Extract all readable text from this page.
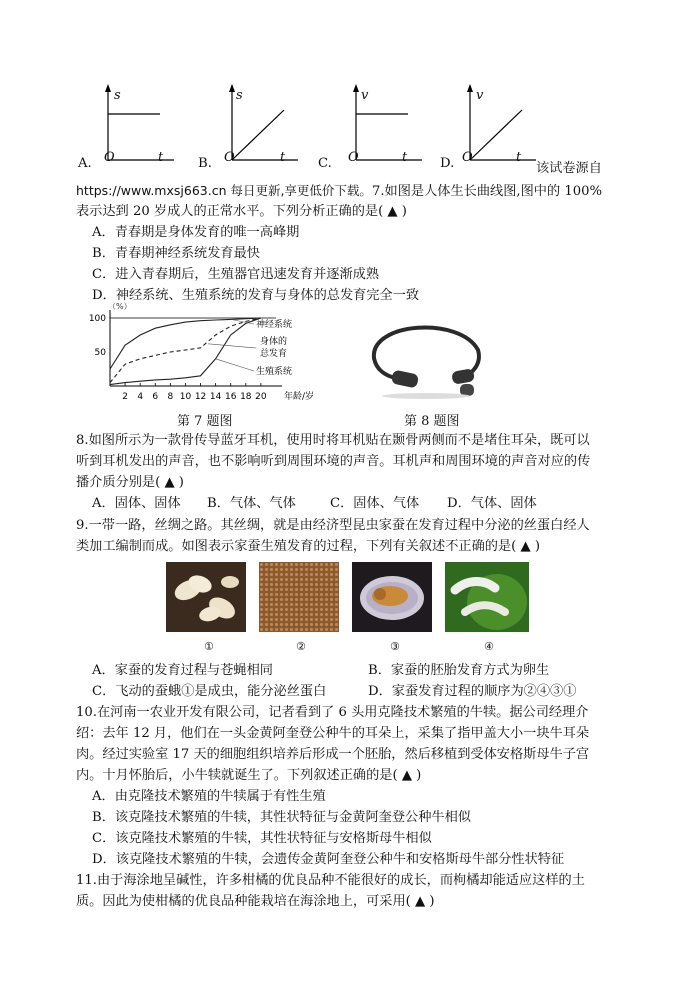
A.
s
O	t	B.
s
O	t C.
v
O	t D.
v
O	t
该试卷源自
https://www.mxsj663.cn 每日更新,享更低价下载。7.如图是人体生长曲线图,图中的 100%
表示达到 20 岁成人的正常水平。下列分析正确的是( ▲ )
A．青春期是身体发育的唯一高峰期
B．青春期神经系统发育最快
C．进入青春期后，生殖器官迅速发育并逐渐成熟
D．神经系统、生殖系统的发育与身体的总发育完全一致
（%）
50
100
2 4 6 8 10 12 14 16 18 20 年龄/岁
神经系统
身体的
总发育
生殖系统
第 7 题图	第 8 题图
8.如图所示为一款骨传导蓝牙耳机，使用时将耳机贴在颞骨两侧而不是堵住耳朵，既可以
听到耳机发出的声音，也不影响听到周围环境的声音。耳机声和周围环境的声音对应的传
播介质分别是( ▲ )
A．固体、固体 B．气体、气体	C．固体、气体 D．气体、固体
9.一带一路，丝绸之路。其丝绸，就是由经济型昆虫家蚕在发育过程中分泌的丝蛋白经人
类加工编制而成。如图表示家蚕生殖发育的过程，下列有关叙述不正确的是( ▲ )
①	②	③	④
A．家蚕的发育过程与苍蝇相同	B．家蚕的胚胎发育方式为卵生
C．飞动的蚕蛾①是成虫，能分泌丝蛋白	D．家蚕发育过程的顺序为②④③①
10.在河南一农业开发有限公司，记者看到了 6 头用克隆技术繁殖的牛犊。据公司经理介
绍：去年 12 月，他们在一头金黄阿奎登公种牛的耳朵上，采集了指甲盖大小一块牛耳朵
肉。经过实验室 17 天的细胞组织培养后形成一个胚胎，然后移植到受体安格斯母牛子宫
内。十月怀胎后，小牛犊就诞生了。下列叙述正确的是( ▲ )
A．由克隆技术繁殖的牛犊属于有性生殖
B．该克隆技术繁殖的牛犊，其性状特征与金黄阿奎登公种牛相似
C．该克隆技术繁殖的牛犊，其性状特征与安格斯母牛相似
D．该克隆技术繁殖的牛犊，会遗传金黄阿奎登公种牛和安格斯母牛部分性状特征
11.由于海涂地呈碱性，许多柑橘的优良品种不能很好的成长，而枸橘却能适应这样的土
质。因此为使柑橘的优良品种能栽培在海涂地上，可采用( ▲ )
